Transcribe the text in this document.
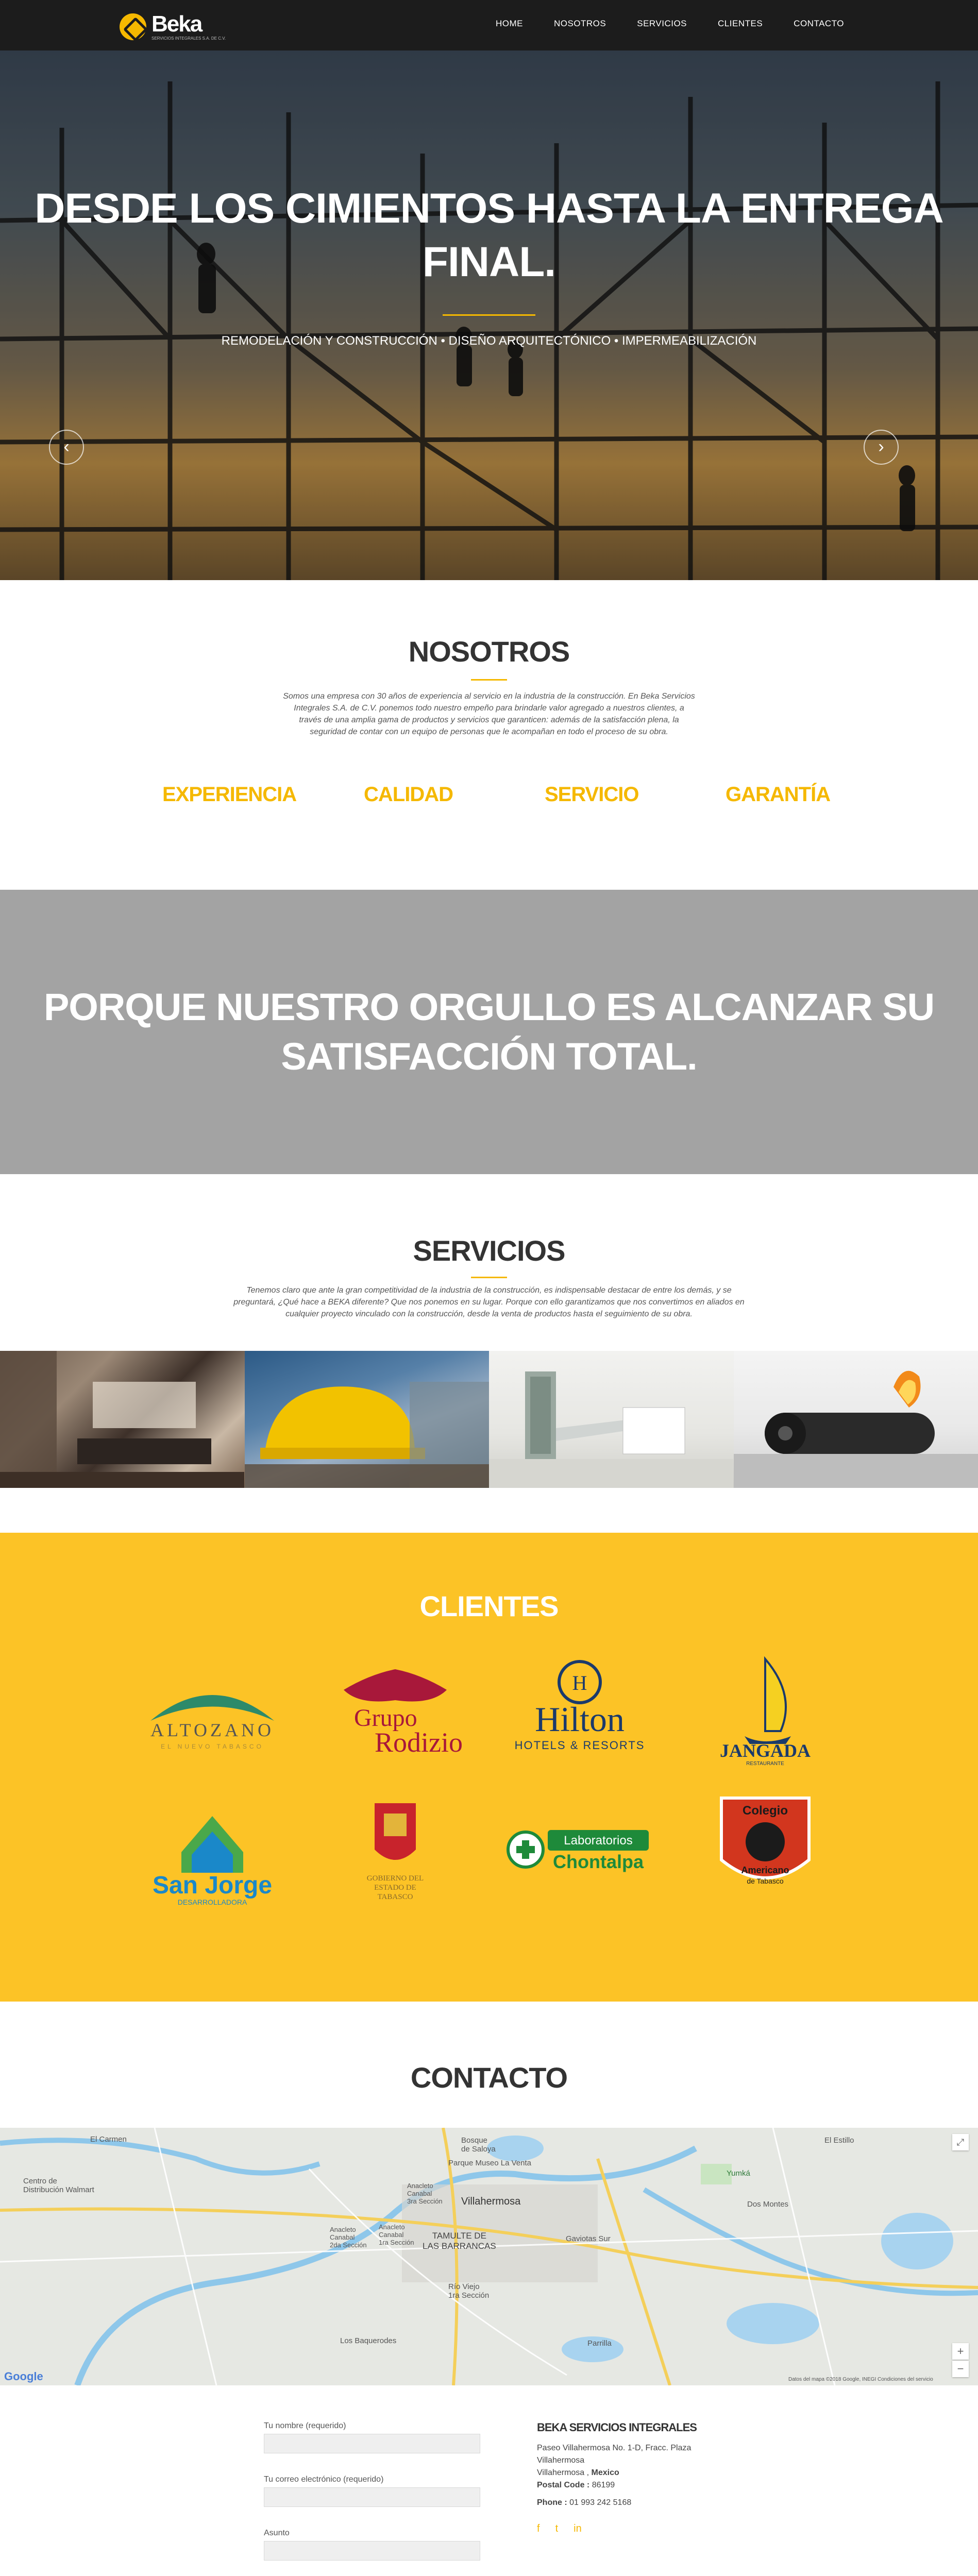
Beka
SERVICIOS INTEGRALES S.A. DE C.V.
HOME	NOSOTROS	SERVICIOS	CLIENTES	CONTACTO
DESDE LOS CIMIENTOS HASTA LA ENTREGA
FINAL.

REMODELACIÓN Y CONSTRUCCIÓN • DISEÑO ARQUITECTÓNICO • IMPERMEABILIZACIÓN

‹	›
NOSOTROS

Somos una empresa con 30 años de experiencia al servicio en la industria de la construcción. En Beka Servicios Integrales S.A. de C.V. ponemos todo nuestro empeño para brindarle valor agregado a nuestros clientes, a través de una amplia gama de productos y servicios que garanticen: además de la satisfacción plena, la seguridad de contar con un equipo de personas que le acompañan en todo el proceso de su obra.

EXPERIENCIA	CALIDAD	SERVICIO	GARANTÍA
PORQUE NUESTRO ORGULLO ES ALCANZAR SU
SATISFACCIÓN TOTAL.
SERVICIOS

Tenemos claro que ante la gran competitividad de la industria de la construcción, es indispensable destacar de entre los demás, y se preguntará, ¿Qué hace a BEKA diferente? Que nos ponemos en su lugar. Porque con ello garantizamos que nos convertimos en aliados en cualquier proyecto vinculado con la construcción, desde la venta de productos hasta el seguimiento de su obra.

CLIENTES
ALTOZANO
EL NUEVO TABASCO
Grupo
Rodizio
H
Hilton
HOTELS & RESORTS	JANGADA
RESTAURANTE
San Jorge
DESARROLLADORA
GOBIERNO DEL
ESTADO DE
TABASCO
Laboratorios
Chontalpa
Colegio
Americano
de Tabasco
CONTACTO
El Carmen
Centro de
Distribución Walmart
Bosque
de Saloya
Parque Museo La Venta
Villahermosa
Anacleto
Canabal
3ra Sección
Anacleto
Canabal
2da Sección
Anacleto
Canabal
1ra Sección
TAMULTE DE
LAS BARRANCAS
Gaviotas Sur
Río Viejo
1ra Sección
Los Baquerodes	Parrilla
Dos Montes
Yumká
El Estillo
Google	Datos del mapa ©2018 Google, INEGI Condiciones del servicio
⤢
+
−
Tu nombre (requerido)
Tu correo electrónico (requerido)
Asunto
BEKA SERVICIOS INTEGRALES
Paseo Villahermosa No. 1-D, Fracc. Plaza
Villahermosa
Villahermosa , Mexico
Postal Code : 86199
Phone : 01 993 242 5168
f t in
